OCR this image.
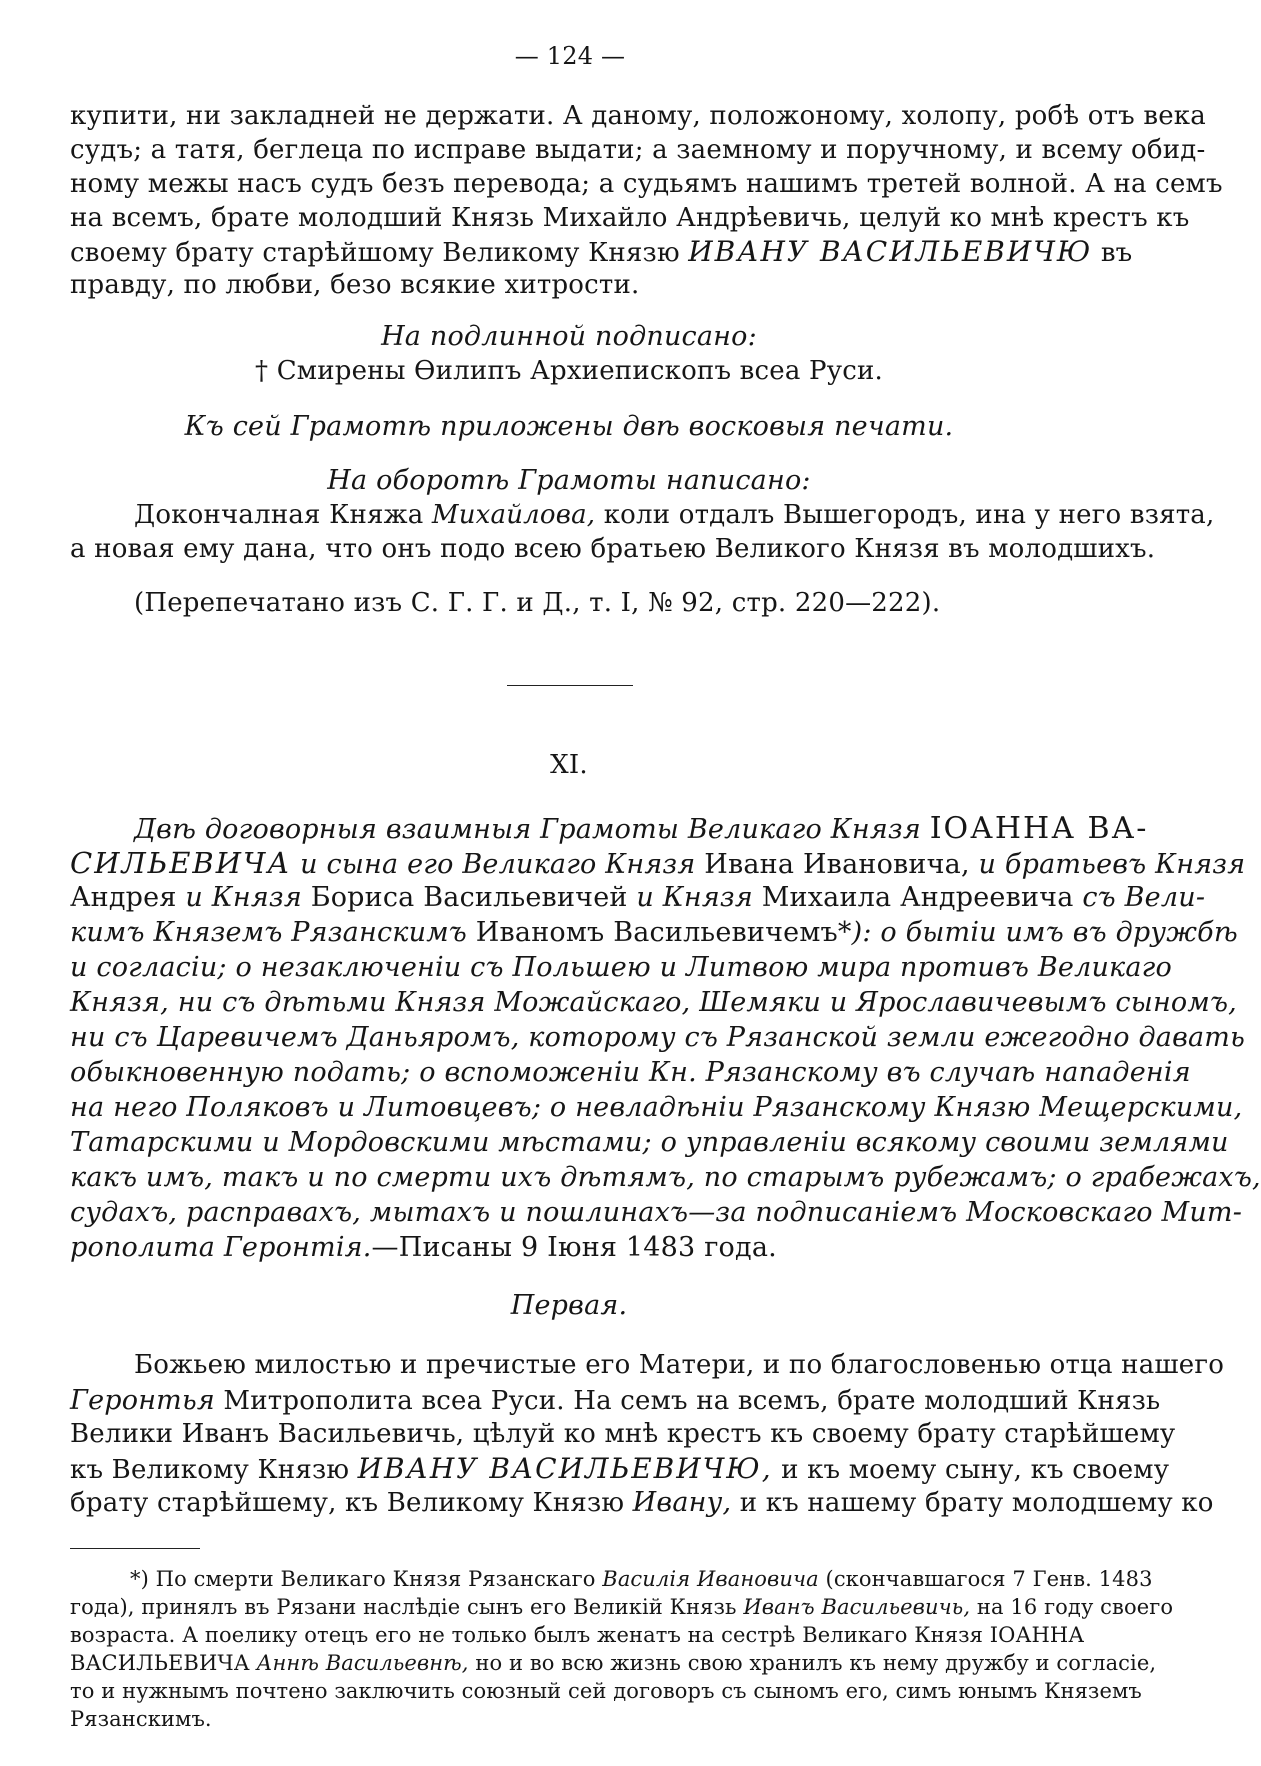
— 124 —
купити, ни закладней не держати. А даному, положоному, холопу, робѣ отъ века
судъ; а татя, беглеца по исправе выдати; а заемному и поручному, и всему обид-
ному межы насъ судъ безъ перевода; а судьямъ нашимъ третей волной. А на семъ
на всемъ, брате молодший Князь Михайло Андрѣевичь, целуй ко мнѣ крестъ къ
своему брату старѣйшому Великому Князю ИВАНУ ВАСИЛЬЕВИЧЮ въ
правду, по любви, безо всякие хитрости.
На подлинной подписано:
† Смирены Ѳилипъ Архиепископъ всеа Руси.
Къ сей Грамотѣ приложены двѣ восковыя печати.
На оборотѣ Грамоты написано:
Докончалная Княжа Михайлова, коли отдалъ Вышегородъ, ина у него взята,
а новая ему дана, что онъ подо всею братьею Великого Князя въ молодшихъ.
(Перепечатано изъ С. Г. Г. и Д., т. I, № 92, стр. 220—222).
XI.
Двѣ договорныя взаимныя Грамоты Великаго Князя ІОАННА ВА-
СИЛЬЕВИЧА и сына его Великаго Князя Ивана Ивановича, и братьевъ Князя
Андрея и Князя Бориса Васильевичей и Князя Михаила Андреевича съ Вели-
кимъ Княземъ Рязанскимъ Иваномъ Васильевичемъ*): о бытіи имъ въ дружбѣ
и согласіи; о незаключеніи съ Польшею и Литвою мира противъ Великаго
Князя, ни съ дѣтьми Князя Можайскаго, Шемяки и Ярославичевымъ сыномъ,
ни съ Царевичемъ Даньяромъ, которому съ Рязанской земли ежегодно давать
обыкновенную подать; о вспоможеніи Кн. Рязанскому въ случаѣ нападенія
на него Поляковъ и Литовцевъ; о невладѣніи Рязанскому Князю Мещерскими,
Татарскими и Мордовскими мѣстами; о управленіи всякому своими землями
какъ имъ, такъ и по смерти ихъ дѣтямъ, по старымъ рубежамъ; о грабежахъ,
судахъ, расправахъ, мытахъ и пошлинахъ—за подписаніемъ Московскаго Мит-
рополита Геронтія.—Писаны 9 Іюня 1483 года.
Первая.
Божьею милостью и пречистые его Матери, и по благословенью отца нашего
Геронтья Митрополита всеа Руси. На семъ на всемъ, брате молодший Князь
Велики Иванъ Васильевичь, цѣлуй ко мнѣ крестъ къ своему брату старѣйшему
къ Великому Князю ИВАНУ ВАСИЛЬЕВИЧЮ, и къ моему сыну, къ своему
брату старѣйшему, къ Великому Князю Ивану, и къ нашему брату молодшему ко
*) По смерти Великаго Князя Рязанскаго Василія Ивановича (скончавшагося 7 Генв. 1483
года), принялъ въ Рязани наслѣдіе сынъ его Великій Князь Иванъ Васильевичь, на 16 году своего
возраста. А поелику отецъ его не только былъ женатъ на сестрѣ Великаго Князя ІОАННА
ВАСИЛЬЕВИЧА Аннѣ Васильевнѣ, но и во всю жизнь свою хранилъ къ нему дружбу и согласіе,
то и нужнымъ почтено заключить союзный сей договоръ съ сыномъ его, симъ юнымъ Княземъ
Рязанскимъ.
